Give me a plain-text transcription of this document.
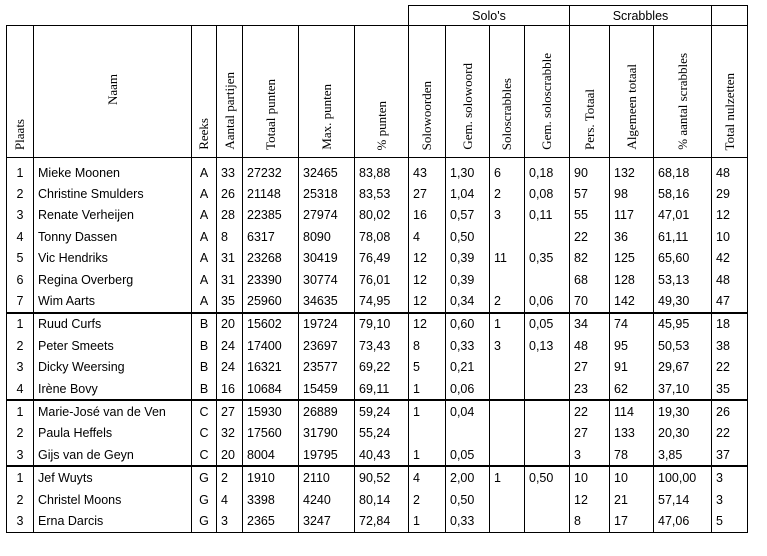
							Solo's				Scrabbles			
Plaats	Naam	Reeks	Aantal partijen	Totaal punten	Max. punten	% punten	Solowoorden	Gem. solowoord	Soloscrabbles	Gem. soloscrabble	Pers. Totaal	Algemeen totaal	% aantal scrabbles	Total nulzetten
1	Mieke Moonen	A	33	27232	32465	83,88	43	1,30	6	0,18	90	132	68,18	48
2	Christine Smulders	A	26	21148	25318	83,53	27	1,04	2	0,08	57	98	58,16	29
3	Renate Verheijen	A	28	22385	27974	80,02	16	0,57	3	0,11	55	117	47,01	12
4	Tonny Dassen	A	8	6317	8090	78,08	4	0,50			22	36	61,11	10
5	Vic Hendriks	A	31	23268	30419	76,49	12	0,39	11	0,35	82	125	65,60	42
6	Regina Overberg	A	31	23390	30774	76,01	12	0,39			68	128	53,13	48
7	Wim Aarts	A	35	25960	34635	74,95	12	0,34	2	0,06	70	142	49,30	47
1	Ruud Curfs	B	20	15602	19724	79,10	12	0,60	1	0,05	34	74	45,95	18
2	Peter Smeets	B	24	17400	23697	73,43	8	0,33	3	0,13	48	95	50,53	38
3	Dicky Weersing	B	24	16321	23577	69,22	5	0,21			27	91	29,67	22
4	Irène Bovy	B	16	10684	15459	69,11	1	0,06			23	62	37,10	35
1	Marie-José van de Ven	C	27	15930	26889	59,24	1	0,04			22	114	19,30	26
2	Paula Heffels	C	32	17560	31790	55,24					27	133	20,30	22
3	Gijs van de Geyn	C	20	8004	19795	40,43	1	0,05			3	78	3,85	37
1	Jef Wuyts	G	2	1910	2110	90,52	4	2,00	1	0,50	10	10	100,00	3
2	Christel Moons	G	4	3398	4240	80,14	2	0,50			12	21	57,14	3
3	Erna Darcis	G	3	2365	3247	72,84	1	0,33			8	17	47,06	5
